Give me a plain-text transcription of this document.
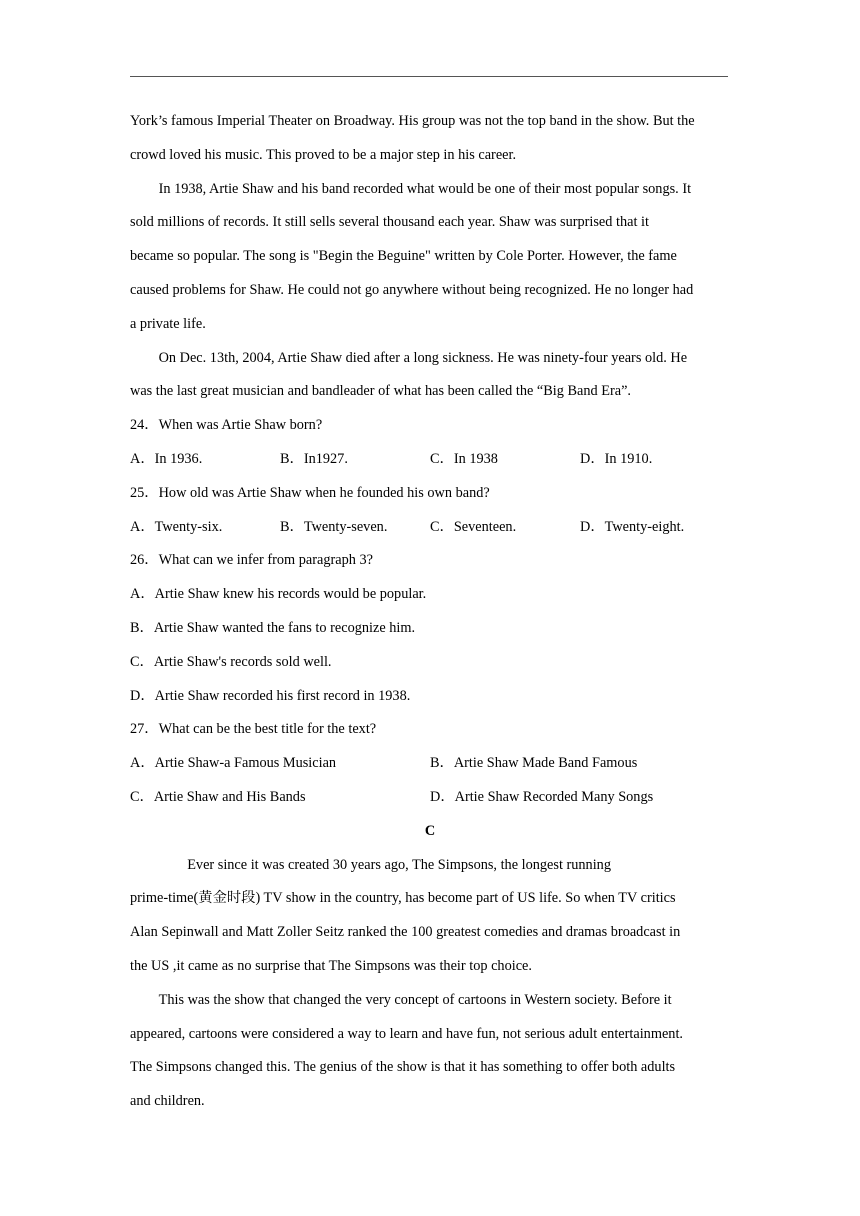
York’s famous Imperial Theater on Broadway. His group was not the top band in the show. But the

crowd loved his music. This proved to be a major step in his career.

In 1938, Artie Shaw and his band recorded what would be one of their most popular songs. It

sold millions of records. It still sells several thousand each year. Shaw was surprised that it

became so popular. The song is "Begin the Beguine" written by Cole Porter. However, the fame

caused problems for Shaw. He could not go anywhere without being recognized. He no longer had

a private life.

On Dec. 13th, 2004, Artie Shaw died after a long sickness. He was ninety-four years old. He

was the last great musician and bandleader of what has been called the “Big Band Era”.

24．When was Artie Shaw born?

A．In 1936.	B．In1927.	C．In 1938	D．In 1910.

25．How old was Artie Shaw when he founded his own band?

A．Twenty-six.	B．Twenty-seven.	C．Seventeen.	D．Twenty-eight.

26．What can we infer from paragraph 3?

A．Artie Shaw knew his records would be popular.

B．Artie Shaw wanted the fans to recognize him.

C．Artie Shaw's records sold well.

D．Artie Shaw recorded his first record in 1938.

27．What can be the best title for the text?

A．Artie Shaw-a Famous Musician	B．Artie Shaw Made Band Famous
C．Artie Shaw and His Bands	D．Artie Shaw Recorded Many Songs

C

Ever since it was created 30 years ago, The Simpsons, the longest running

prime-time(黄金时段) TV show in the country, has become part of US life. So when TV critics

Alan Sepinwall and Matt Zoller Seitz ranked the 100 greatest comedies and dramas broadcast in

the US ,it came as no surprise that The Simpsons was their top choice.

This was the show that changed the very concept of cartoons in Western society. Before it

appeared, cartoons were considered a way to learn and have fun, not serious adult entertainment.

The Simpsons changed this. The genius of the show is that it has something to offer both adults

and children.
